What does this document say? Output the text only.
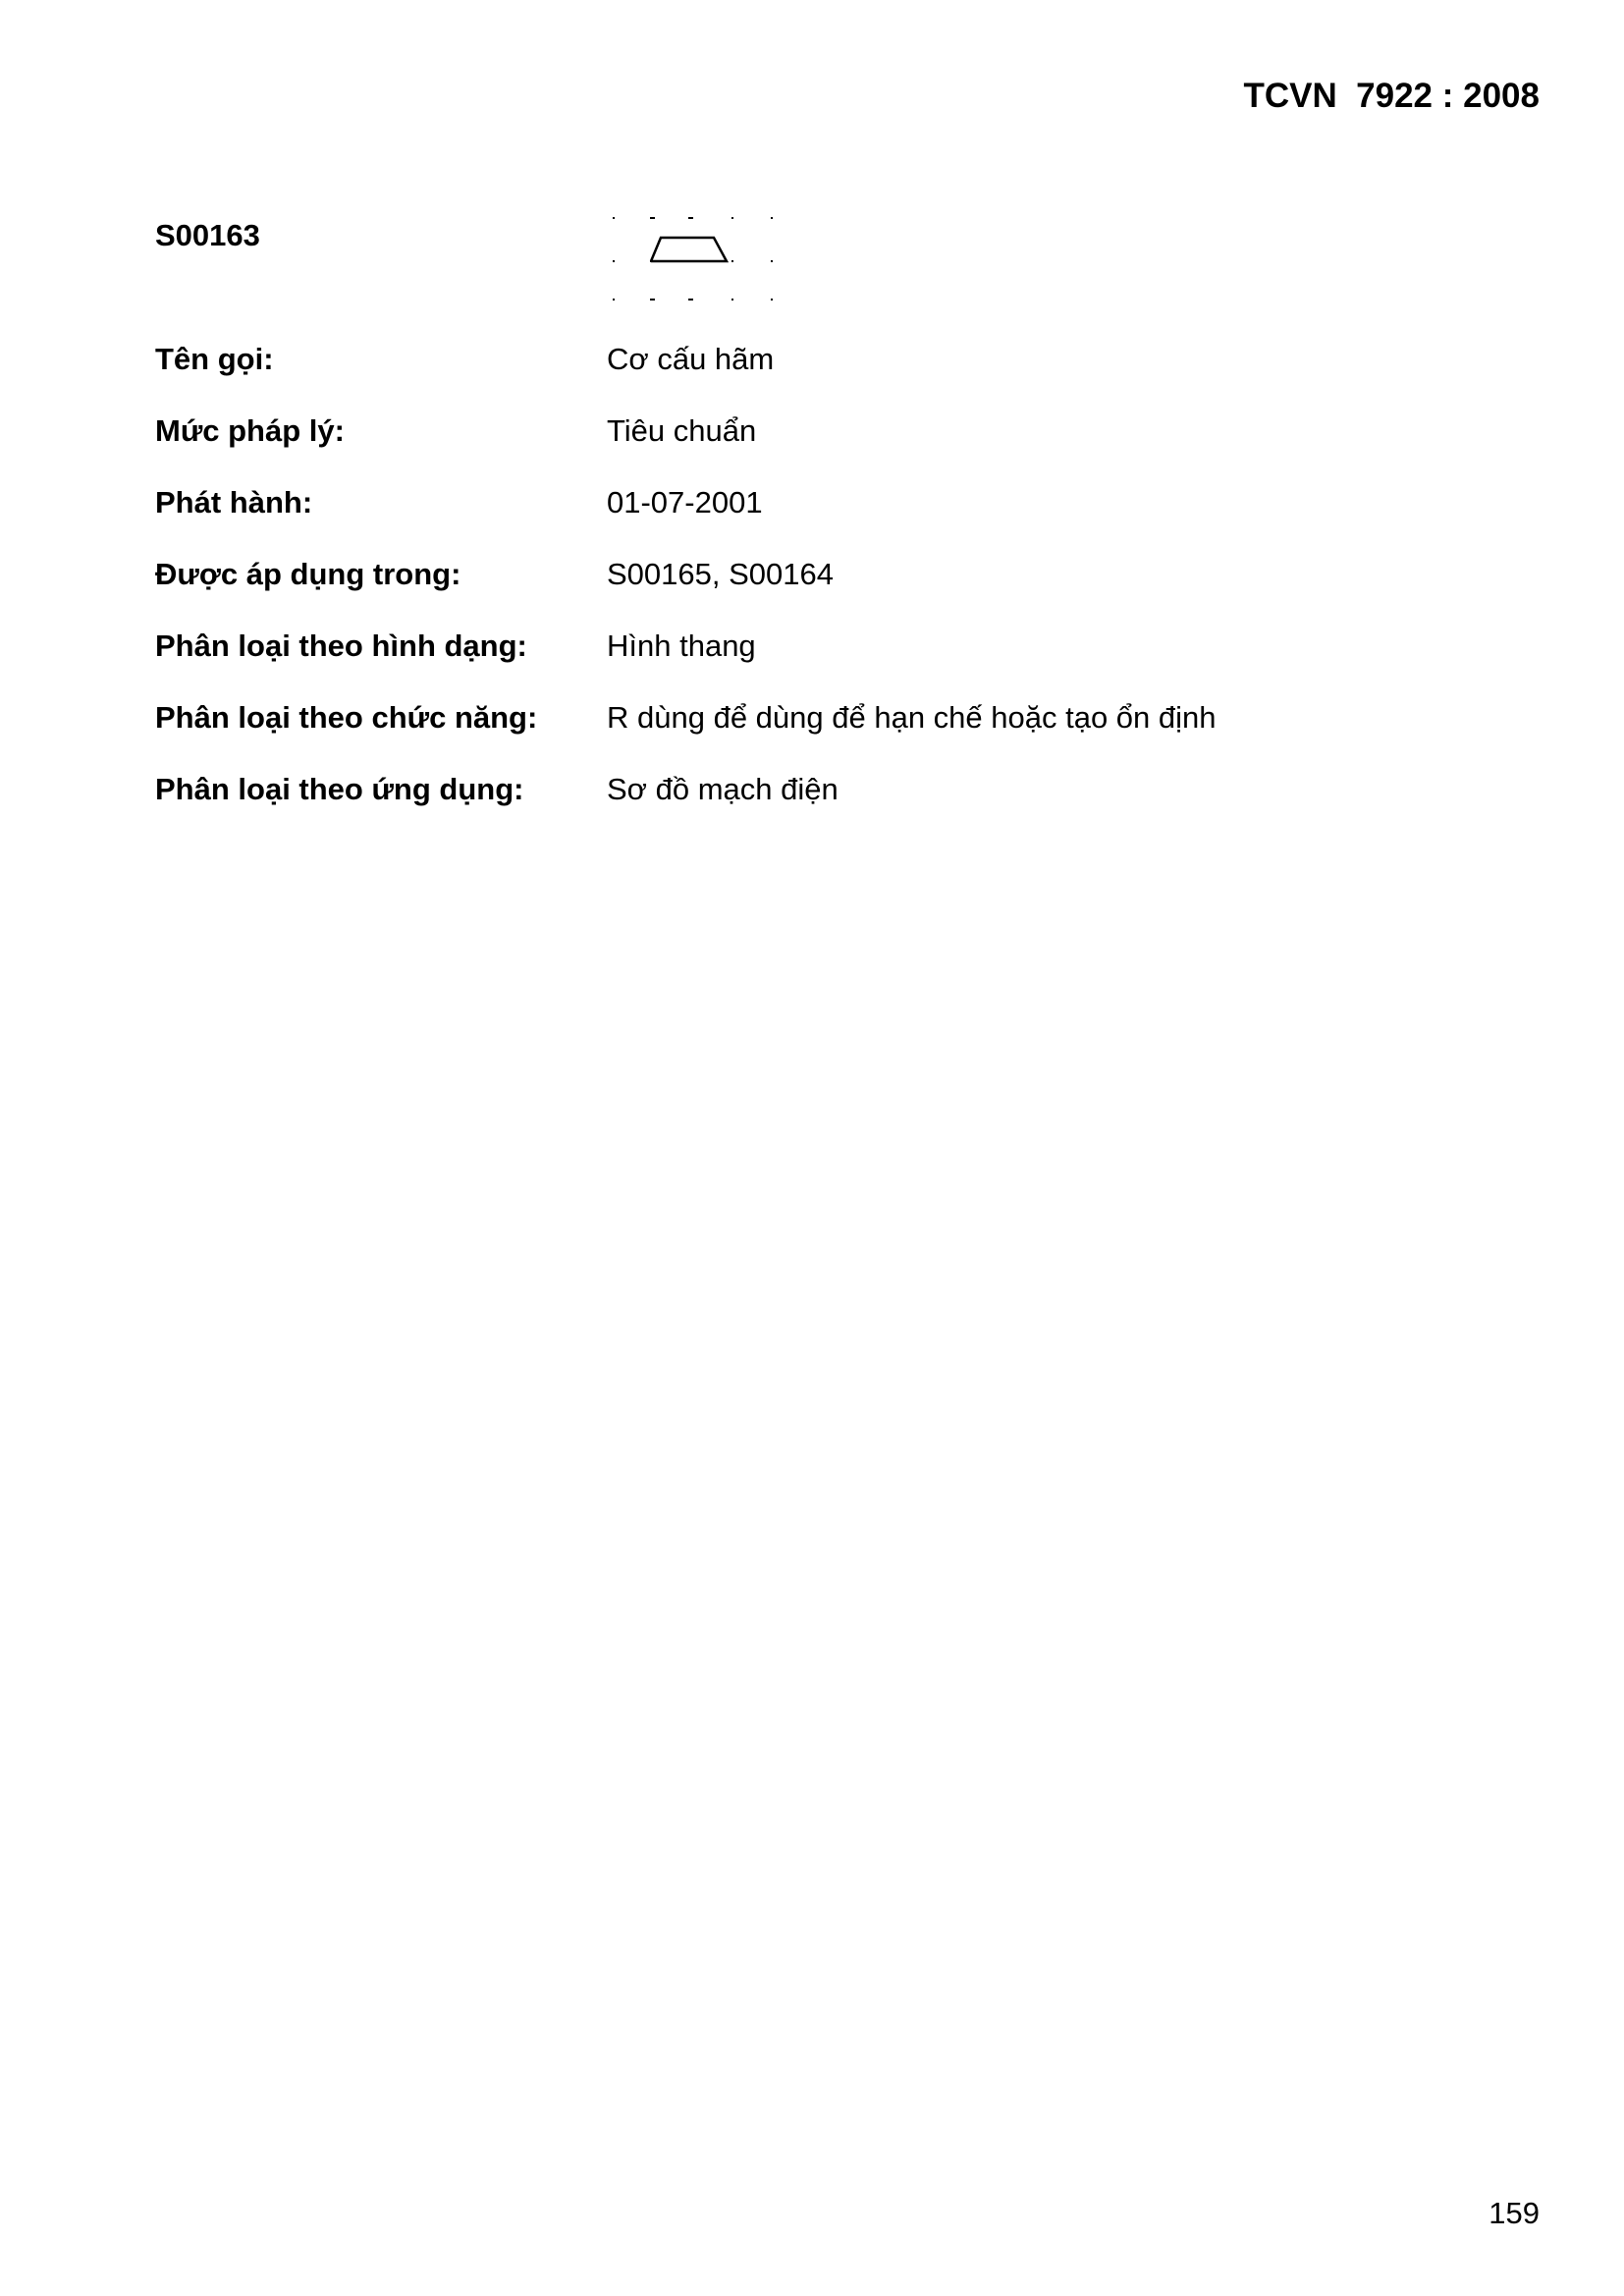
TCVN  7922 : 2008
S00163
Tên gọi:	Cơ cấu hãm
Mức pháp lý:	Tiêu chuẩn
Phát hành:	01-07-2001
Được áp dụng trong:	S00165, S00164
Phân loại theo hình dạng:	Hình thang
Phân loại theo chức năng:	R dùng để dùng để hạn chế hoặc tạo ổn định
Phân loại theo ứng dụng:	Sơ đồ mạch điện
159
